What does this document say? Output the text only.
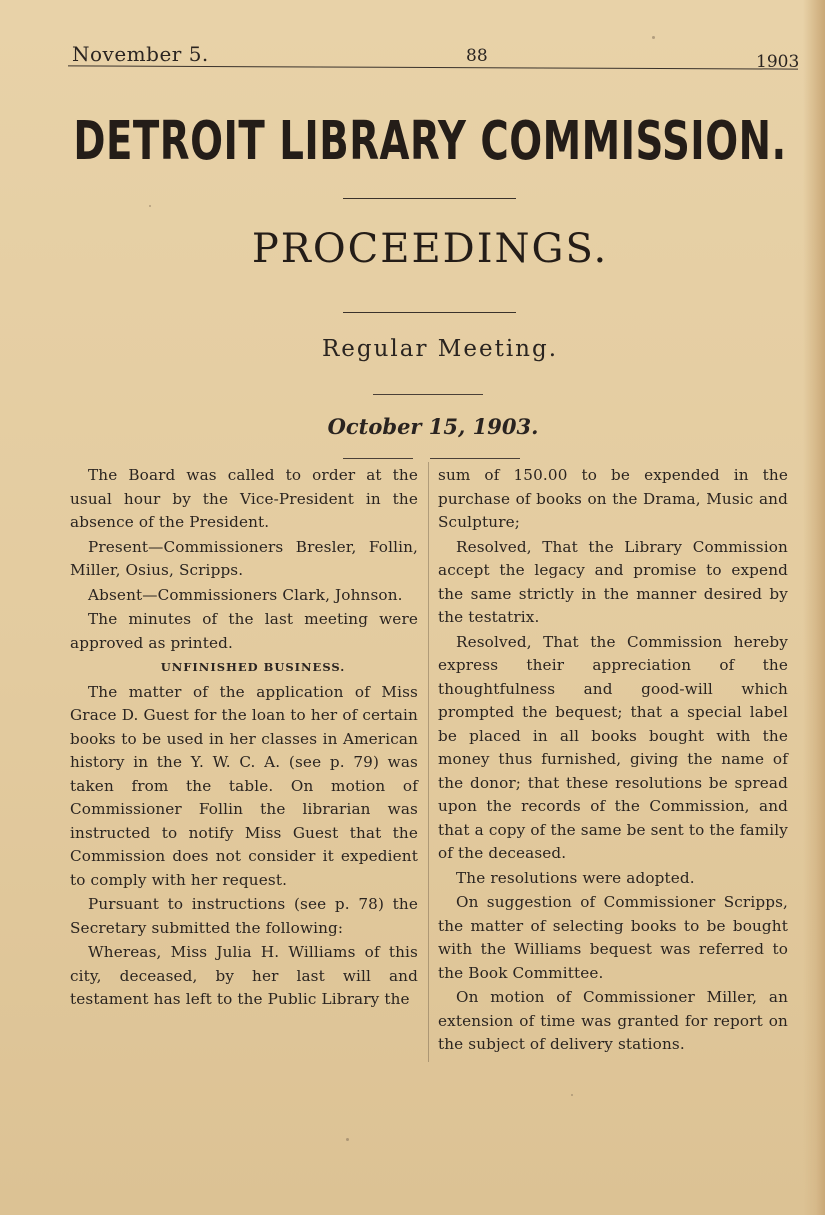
November 5.	88	1903
DETROIT LIBRARY COMMISSION.
PROCEEDINGS.
Regular Meeting.
October 15, 1903.

The Board was called to order at the usual hour by the Vice-President in the absence of the President.

Present—Commissioners Bresler, Follin, Miller, Osius, Scripps.

Absent—Commissioners Clark, Johnson.

The minutes of the last meeting were approved as printed.

UNFINISHED BUSINESS.

The matter of the application of Miss Grace D. Guest for the loan to her of certain books to be used in her classes in American history in the Y. W. C. A. (see p. 79) was taken from the table. On motion of Commissioner Follin the librarian was instructed to notify Miss Guest that the Commission does not consider it expedient to comply with her request.

Pursuant to instructions (see p. 78) the Secretary submitted the following:

Whereas, Miss Julia H. Williams of this city, deceased, by her last will and testament has left to the Public Library the

sum of 150.00 to be expended in the purchase of books on the Drama, Music and Sculpture;

Resolved, That the Library Commission accept the legacy and promise to expend the same strictly in the manner desired by the testatrix.

Resolved, That the Commission hereby express their appreciation of the thoughtfulness and good-will which prompted the bequest; that a special label be placed in all books bought with the money thus furnished, giving the name of the donor; that these resolutions be spread upon the records of the Commission, and that a copy of the same be sent to the family of the deceased.

The resolutions were adopted.

On suggestion of Commissioner Scripps, the matter of selecting books to be bought with the Williams bequest was referred to the Book Committee.

On motion of Commissioner Miller, an extension of time was granted for report on the subject of delivery stations.
